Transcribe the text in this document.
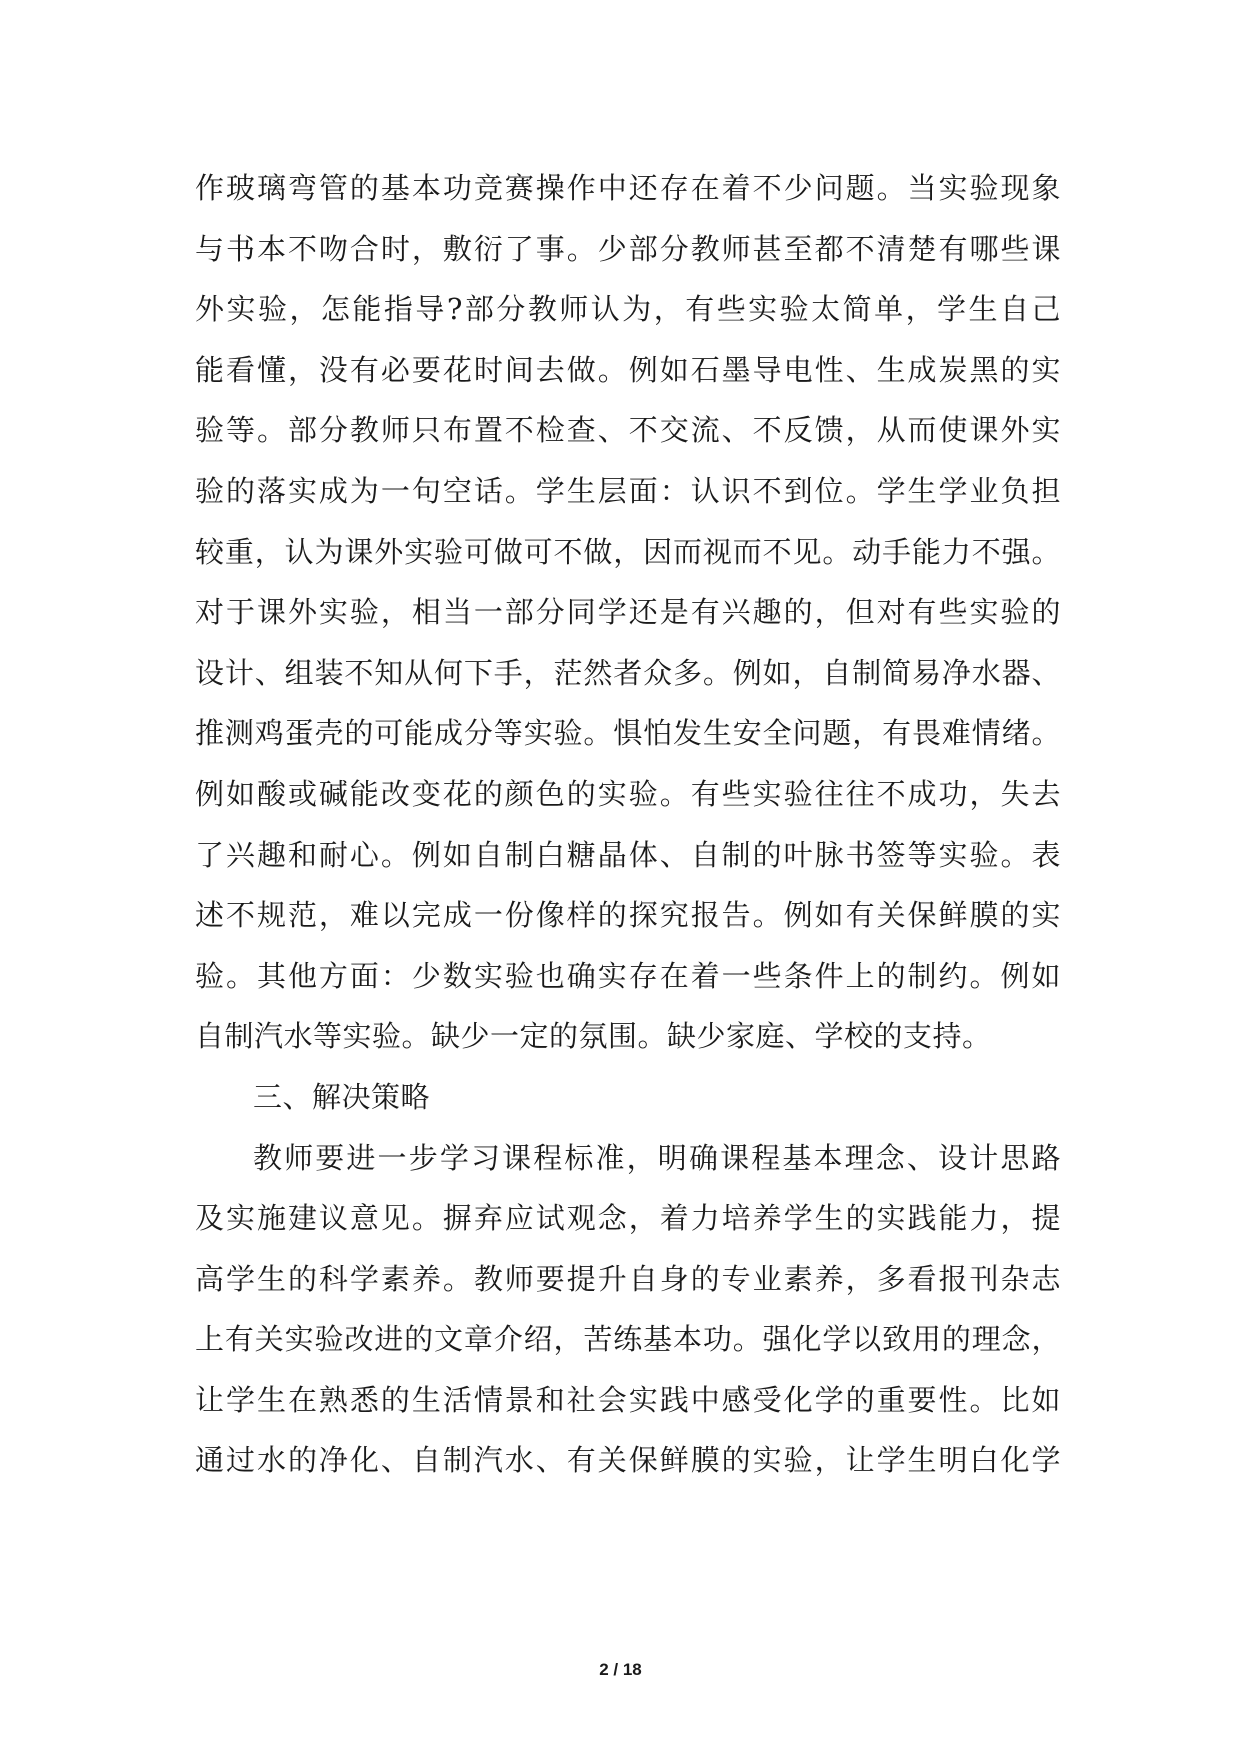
作玻璃弯管的基本功竞赛操作中还存在着不少问题。当实验现象
与书本不吻合时，敷衍了事。少部分教师甚至都不清楚有哪些课
外实验，怎能指导?部分教师认为，有些实验太简单，学生自己
能看懂，没有必要花时间去做。例如石墨导电性、生成炭黑的实
验等。部分教师只布置不检查、不交流、不反馈，从而使课外实
验的落实成为一句空话。学生层面：认识不到位。学生学业负担
较重，认为课外实验可做可不做，因而视而不见。动手能力不强。
对于课外实验，相当一部分同学还是有兴趣的，但对有些实验的
设计、组装不知从何下手，茫然者众多。例如，自制简易净水器、
推测鸡蛋壳的可能成分等实验。惧怕发生安全问题，有畏难情绪。
例如酸或碱能改变花的颜色的实验。有些实验往往不成功，失去
了兴趣和耐心。例如自制白糖晶体、自制的叶脉书签等实验。表
述不规范，难以完成一份像样的探究报告。例如有关保鲜膜的实
验。其他方面：少数实验也确实存在着一些条件上的制约。例如
自制汽水等实验。缺少一定的氛围。缺少家庭、学校的支持。
三、解决策略
教师要进一步学习课程标准，明确课程基本理念、设计思路
及实施建议意见。摒弃应试观念，着力培养学生的实践能力，提
高学生的科学素养。教师要提升自身的专业素养，多看报刊杂志
上有关实验改进的文章介绍，苦练基本功。强化学以致用的理念，
让学生在熟悉的生活情景和社会实践中感受化学的重要性。比如
通过水的净化、自制汽水、有关保鲜膜的实验，让学生明白化学
2 / 18
